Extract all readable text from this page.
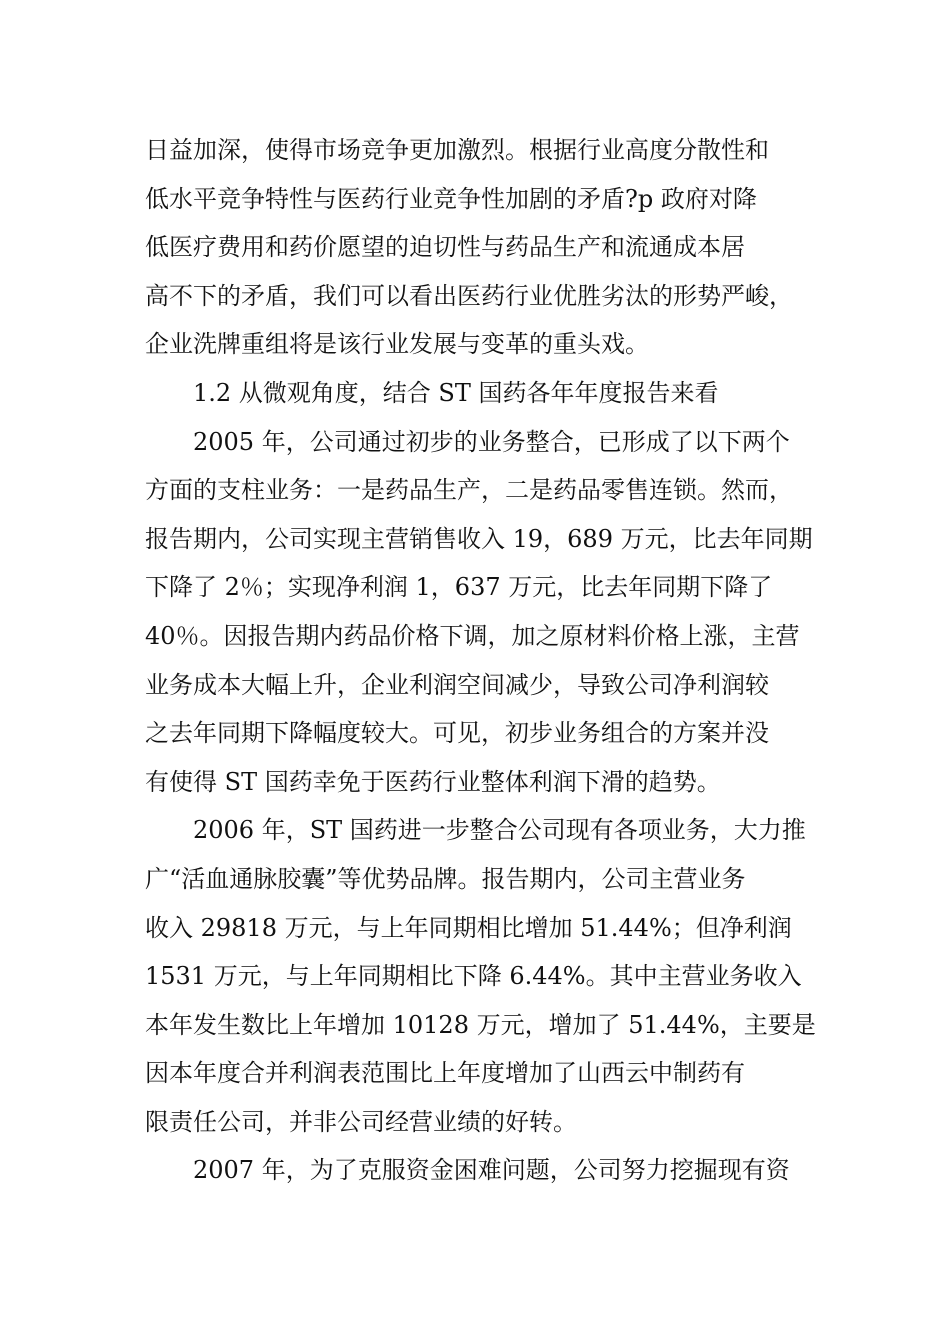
日益加深，使得市场竞争更加激烈。根据行业高度分散性和
低水平竞争特性与医药行业竞争性加剧的矛盾?p 政府对降
低医疗费用和药价愿望的迫切性与药品生产和流通成本居
高不下的矛盾，我们可以看出医药行业优胜劣汰的形势严峻，
企业洗牌重组将是该行业发展与变革的重头戏。
1.2 从微观角度，结合 ST 国药各年年度报告来看
2005 年，公司通过初步的业务整合，已形成了以下两个
方面的支柱业务：一是药品生产，二是药品零售连锁。然而，
报告期内，公司实现主营销售收入 19，689 万元，比去年同期
下降了 2％；实现净利润 1，637 万元，比去年同期下降了
40％。因报告期内药品价格下调，加之原材料价格上涨，主营
业务成本大幅上升，企业利润空间减少，导致公司净利润较
之去年同期下降幅度较大。可见，初步业务组合的方案并没
有使得 ST 国药幸免于医药行业整体利润下滑的趋势。
2006 年，ST 国药进一步整合公司现有各项业务，大力推
广“活血通脉胶囊”等优势品牌。报告期内，公司主营业务
收入 29818 万元，与上年同期相比增加 51.44%；但净利润
1531 万元，与上年同期相比下降 6.44%。其中主营业务收入
本年发生数比上年增加 10128 万元，增加了 51.44%，主要是
因本年度合并利润表范围比上年度增加了山西云中制药有
限责任公司，并非公司经营业绩的好转。
2007 年，为了克服资金困难问题，公司努力挖掘现有资
